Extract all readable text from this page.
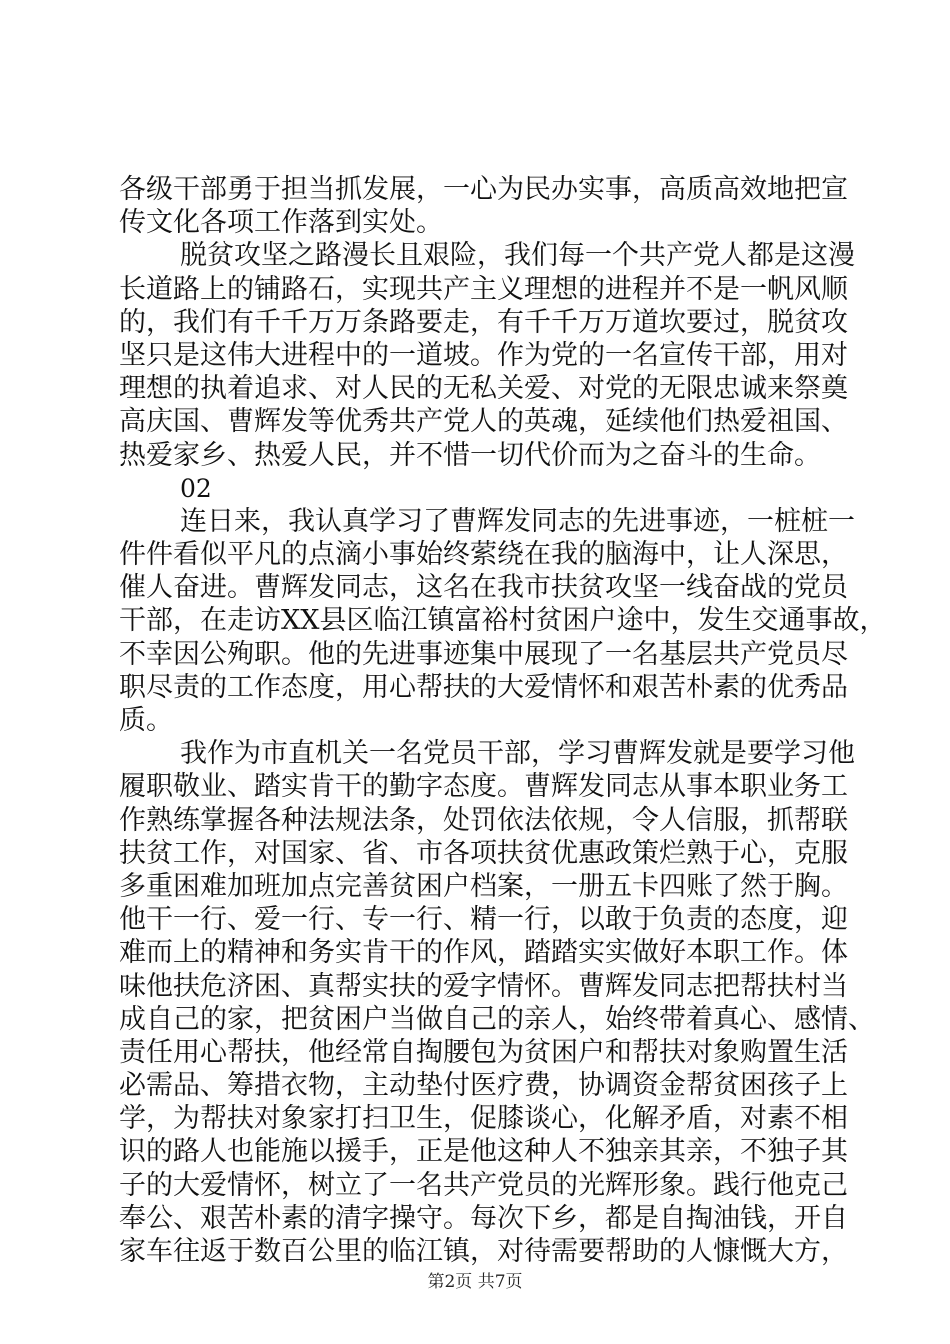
各级干部勇于担当抓发展，一心为民办实事，高质高效地把宣
传文化各项工作落到实处。
脱贫攻坚之路漫长且艰险，我们每一个共产党人都是这漫
长道路上的铺路石，实现共产主义理想的进程并不是一帆风顺
的，我们有千千万万条路要走，有千千万万道坎要过，脱贫攻
坚只是这伟大进程中的一道坡。作为党的一名宣传干部，用对
理想的执着追求、对人民的无私关爱、对党的无限忠诚来祭奠
高庆国、曹辉发等优秀共产党人的英魂，延续他们热爱祖国、
热爱家乡、热爱人民，并不惜一切代价而为之奋斗的生命。
02
连日来，我认真学习了曹辉发同志的先进事迹，一桩桩一
件件看似平凡的点滴小事始终萦绕在我的脑海中，让人深思，
催人奋进。曹辉发同志，这名在我市扶贫攻坚一线奋战的党员
干部，在走访XX县区临江镇富裕村贫困户途中，发生交通事故，
不幸因公殉职。他的先进事迹集中展现了一名基层共产党员尽
职尽责的工作态度，用心帮扶的大爱情怀和艰苦朴素的优秀品
质。
我作为市直机关一名党员干部，学习曹辉发就是要学习他
履职敬业、踏实肯干的勤字态度。曹辉发同志从事本职业务工
作熟练掌握各种法规法条，处罚依法依规，令人信服，抓帮联
扶贫工作，对国家、省、市各项扶贫优惠政策烂熟于心，克服
多重困难加班加点完善贫困户档案，一册五卡四账了然于胸。
他干一行、爱一行、专一行、精一行，以敢于负责的态度，迎
难而上的精神和务实肯干的作风，踏踏实实做好本职工作。体
味他扶危济困、真帮实扶的爱字情怀。曹辉发同志把帮扶村当
成自己的家，把贫困户当做自己的亲人，始终带着真心、感情、
责任用心帮扶，他经常自掏腰包为贫困户和帮扶对象购置生活
必需品、筹措衣物，主动垫付医疗费，协调资金帮贫困孩子上
学，为帮扶对象家打扫卫生，促膝谈心，化解矛盾，对素不相
识的路人也能施以援手，正是他这种人不独亲其亲，不独子其
第2页 共7页
子的大爱情怀，树立了一名共产党员的光辉形象。践行他克己
奉公、艰苦朴素的清字操守。每次下乡，都是自掏油钱，开自
家车往返于数百公里的临江镇，对待需要帮助的人慷慨大方，
